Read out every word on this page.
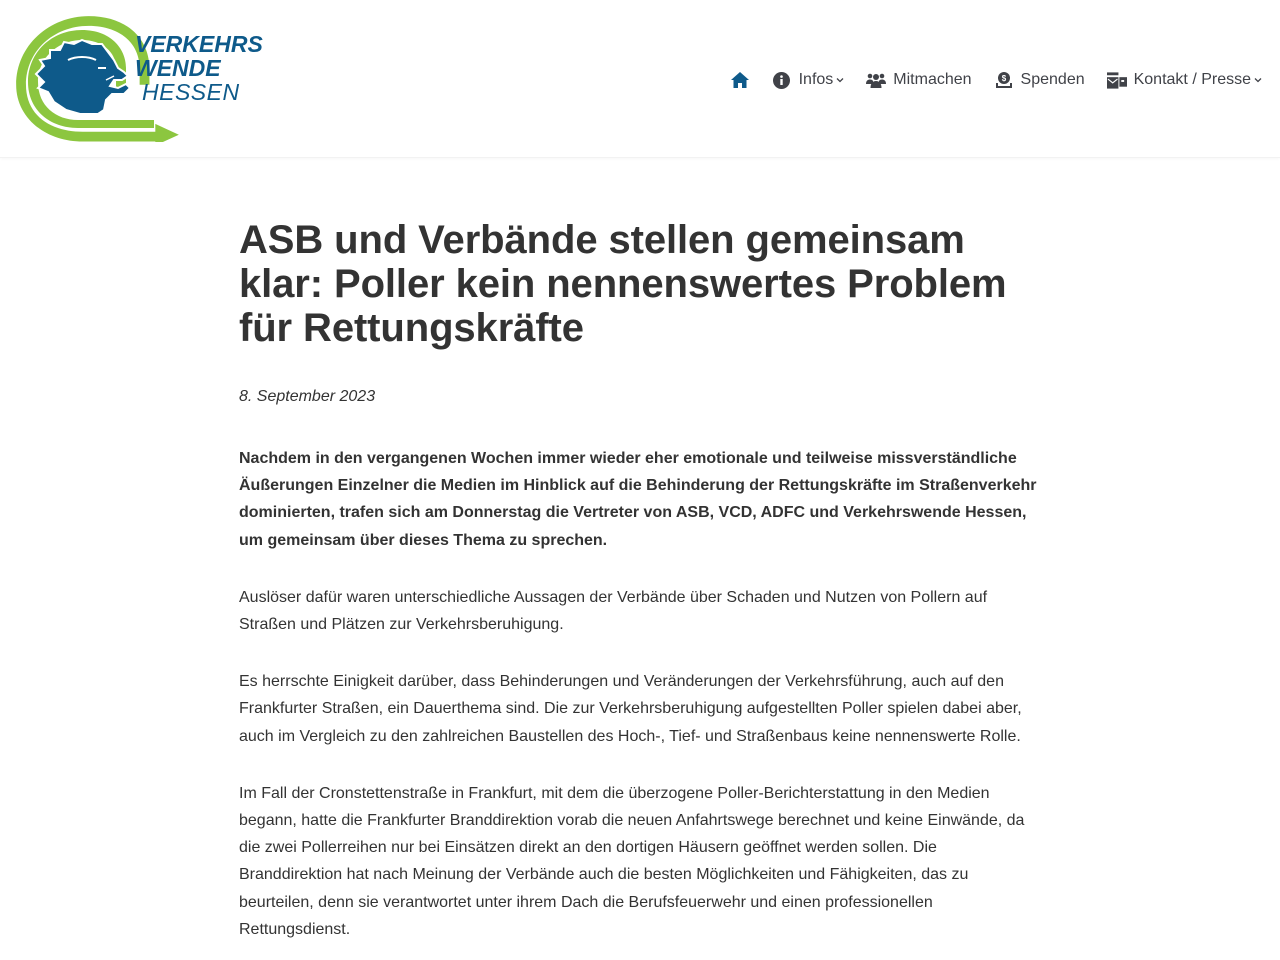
VERKEHRS
WENDE
HESSEN	Infos	Mitmachen	$ Spenden	Kontakt / Presse
ASB und Verbände stellen gemeinsam klar: Poller kein nennenswertes Problem für Rettungskräfte
8. September 2023

Nachdem in den vergangenen Wochen immer wieder eher emotionale und teilweise missverständliche Äußerungen Einzelner die Medien im Hinblick auf die Behinderung der Rettungskräfte im Straßenverkehr dominierten, trafen sich am Donnerstag die Vertreter von ASB, VCD, ADFC und Verkehrswende Hessen, um gemeinsam über dieses Thema zu sprechen.

Auslöser dafür waren unterschiedliche Aussagen der Verbände über Schaden und Nutzen von Pollern auf Straßen und Plätzen zur Verkehrsberuhigung.

Es herrschte Einigkeit darüber, dass Behinderungen und Veränderungen der Verkehrsführung, auch auf den Frankfurter Straßen, ein Dauerthema sind. Die zur Verkehrsberuhigung aufgestellten Poller spielen dabei aber, auch im Vergleich zu den zahlreichen Baustellen des Hoch-, Tief- und Straßenbaus keine nennenswerte Rolle.

Im Fall der Cronstettenstraße in Frankfurt, mit dem die überzogene Poller-Berichterstattung in den Medien begann, hatte die Frankfurter Branddirektion vorab die neuen Anfahrtswege berechnet und keine Einwände, da die zwei Pollerreihen nur bei Einsätzen direkt an den dortigen Häusern geöffnet werden sollen. Die Branddirektion hat nach Meinung der Verbände auch die besten Möglichkeiten und Fähigkeiten, das zu beurteilen, denn sie verantwortet unter ihrem Dach die Berufsfeuerwehr und einen professionellen Rettungsdienst.
